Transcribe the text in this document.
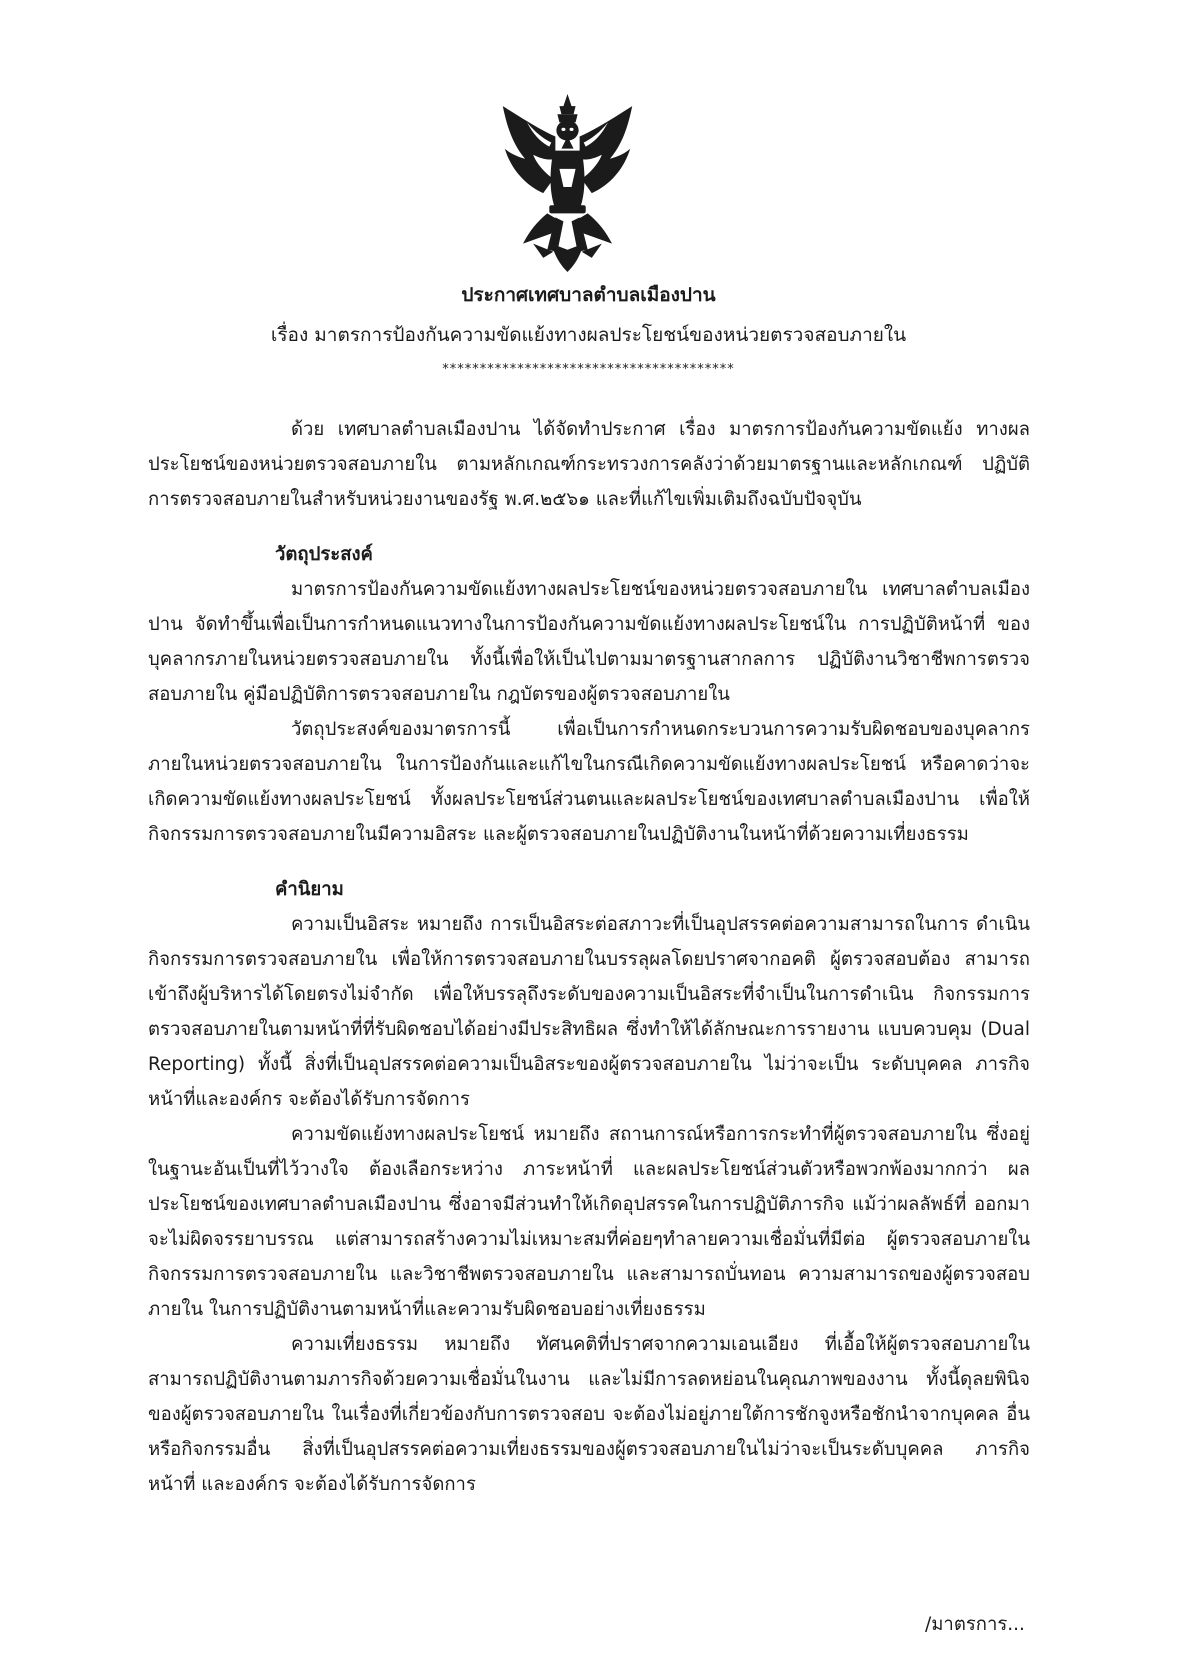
ประกาศเทศบาลตำบลเมืองปาน
เรื่อง มาตรการป้องกันความขัดแย้งทางผลประโยชน์ของหน่วยตรวจสอบภายใน
***************************************

ด้วย เทศบาลตำบลเมืองปาน ได้จัดทำประกาศ เรื่อง มาตรการป้องกันความขัดแย้ง ทางผลประโยชน์ของหน่วยตรวจสอบภายใน ตามหลักเกณฑ์กระทรวงการคลังว่าด้วยมาตรฐานและหลักเกณฑ์ ปฏิบัติการตรวจสอบภายในสำหรับหน่วยงานของรัฐ พ.ศ.๒๕๖๑ และที่แก้ไขเพิ่มเติมถึงฉบับปัจจุบัน

วัตถุประสงค์

มาตรการป้องกันความขัดแย้งทางผลประโยชน์ของหน่วยตรวจสอบภายใน เทศบาลตำบลเมืองปาน จัดทำขึ้นเพื่อเป็นการกำหนดแนวทางในการป้องกันความขัดแย้งทางผลประโยชน์ใน การปฏิบัติหน้าที่ ของบุคลากรภายในหน่วยตรวจสอบภายใน ทั้งนี้เพื่อให้เป็นไปตามมาตรฐานสากลการ ปฏิบัติงานวิชาชีพการตรวจสอบภายใน คู่มือปฏิบัติการตรวจสอบภายใน กฎบัตรของผู้ตรวจสอบภายใน

วัตถุประสงค์ของมาตรการนี้ เพื่อเป็นการกำหนดกระบวนการความรับผิดชอบของบุคลากร ภายในหน่วยตรวจสอบภายใน ในการป้องกันและแก้ไขในกรณีเกิดความขัดแย้งทางผลประโยชน์ หรือคาดว่าจะ เกิดความขัดแย้งทางผลประโยชน์ ทั้งผลประโยชน์ส่วนตนและผลประโยชน์ของเทศบาลตำบลเมืองปาน เพื่อให้ กิจกรรมการตรวจสอบภายในมีความอิสระ และผู้ตรวจสอบภายในปฏิบัติงานในหน้าที่ด้วยความเที่ยงธรรม

คำนิยาม

ความเป็นอิสระ หมายถึง การเป็นอิสระต่อสภาวะที่เป็นอุปสรรคต่อความสามารถในการ ดำเนินกิจกรรมการตรวจสอบภายใน เพื่อให้การตรวจสอบภายในบรรลุผลโดยปราศจากอคติ ผู้ตรวจสอบต้อง สามารถเข้าถึงผู้บริหารได้โดยตรงไม่จำกัด เพื่อให้บรรลุถึงระดับของความเป็นอิสระที่จำเป็นในการดำเนิน กิจกรรมการตรวจสอบภายในตามหน้าที่ที่รับผิดชอบได้อย่างมีประสิทธิผล ซึ่งทำให้ได้ลักษณะการรายงาน แบบควบคุม (Dual Reporting) ทั้งนี้ สิ่งที่เป็นอุปสรรคต่อความเป็นอิสระของผู้ตรวจสอบภายใน ไม่ว่าจะเป็น ระดับบุคคล ภารกิจ หน้าที่และองค์กร จะต้องได้รับการจัดการ

ความขัดแย้งทางผลประโยชน์ หมายถึง สถานการณ์หรือการกระทำที่ผู้ตรวจสอบภายใน ซึ่งอยู่ในฐานะอันเป็นที่ไว้วางใจ ต้องเลือกระหว่าง ภาระหน้าที่ และผลประโยชน์ส่วนตัวหรือพวกพ้องมากกว่า ผลประโยชน์ของเทศบาลตำบลเมืองปาน ซึ่งอาจมีส่วนทำให้เกิดอุปสรรคในการปฏิบัติภารกิจ แม้ว่าผลลัพธ์ที่ ออกมาจะไม่ผิดจรรยาบรรณ แต่สามารถสร้างความไม่เหมาะสมที่ค่อยๆทำลายความเชื่อมั่นที่มีต่อ ผู้ตรวจสอบภายใน กิจกรรมการตรวจสอบภายใน และวิชาชีพตรวจสอบภายใน และสามารถบั่นทอน ความสามารถของผู้ตรวจสอบภายใน ในการปฏิบัติงานตามหน้าที่และความรับผิดชอบอย่างเที่ยงธรรม

ความเที่ยงธรรม หมายถึง ทัศนคติที่ปราศจากความเอนเอียง ที่เอื้อให้ผู้ตรวจสอบภายใน สามารถปฏิบัติงานตามภารกิจด้วยความเชื่อมั่นในงาน และไม่มีการลดหย่อนในคุณภาพของงาน ทั้งนี้ดุลยพินิจ ของผู้ตรวจสอบภายใน ในเรื่องที่เกี่ยวข้องกับการตรวจสอบ จะต้องไม่อยู่ภายใต้การชักจูงหรือชักนำจากบุคคล อื่นหรือกิจกรรมอื่น สิ่งที่เป็นอุปสรรคต่อความเที่ยงธรรมของผู้ตรวจสอบภายในไม่ว่าจะเป็นระดับบุคคล ภารกิจ หน้าที่ และองค์กร จะต้องได้รับการจัดการ

/มาตรการ...
